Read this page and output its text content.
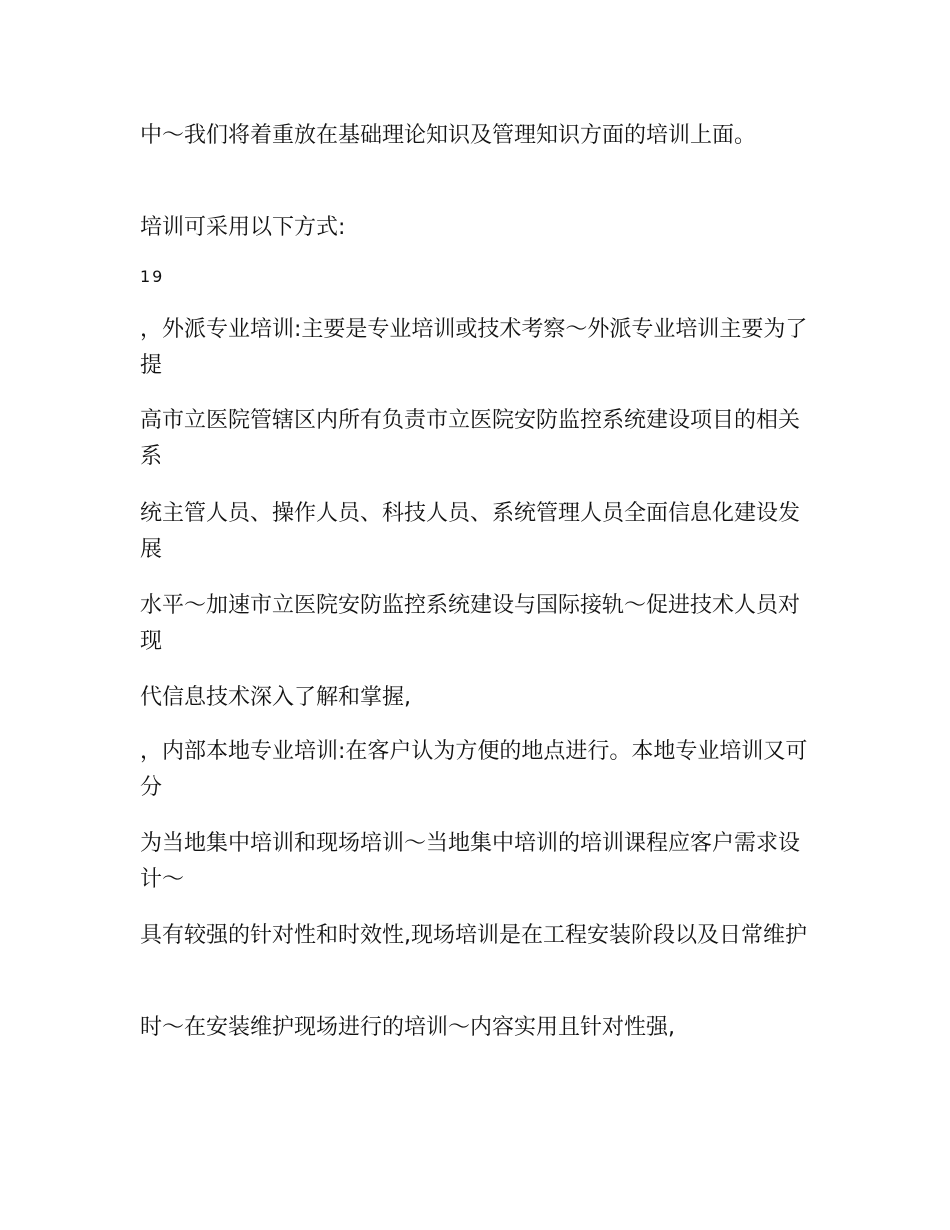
中～我们将着重放在基础理论知识及管理知识方面的培训上面。
培训可采用以下方式:
19
，外派专业培训:主要是专业培训或技术考察～外派专业培训主要为了提
高市立医院管辖区内所有负责市立医院安防监控系统建设项目的相关系
统主管人员、操作人员、科技人员、系统管理人员全面信息化建设发展
水平～加速市立医院安防监控系统建设与国际接轨～促进技术人员对现
代信息技术深入了解和掌握,
，内部本地专业培训:在客户认为方便的地点进行。本地专业培训又可分
为当地集中培训和现场培训～当地集中培训的培训课程应客户需求设计～
具有较强的针对性和时效性,现场培训是在工程安装阶段以及日常维护
时～在安装维护现场进行的培训～内容实用且针对性强,
